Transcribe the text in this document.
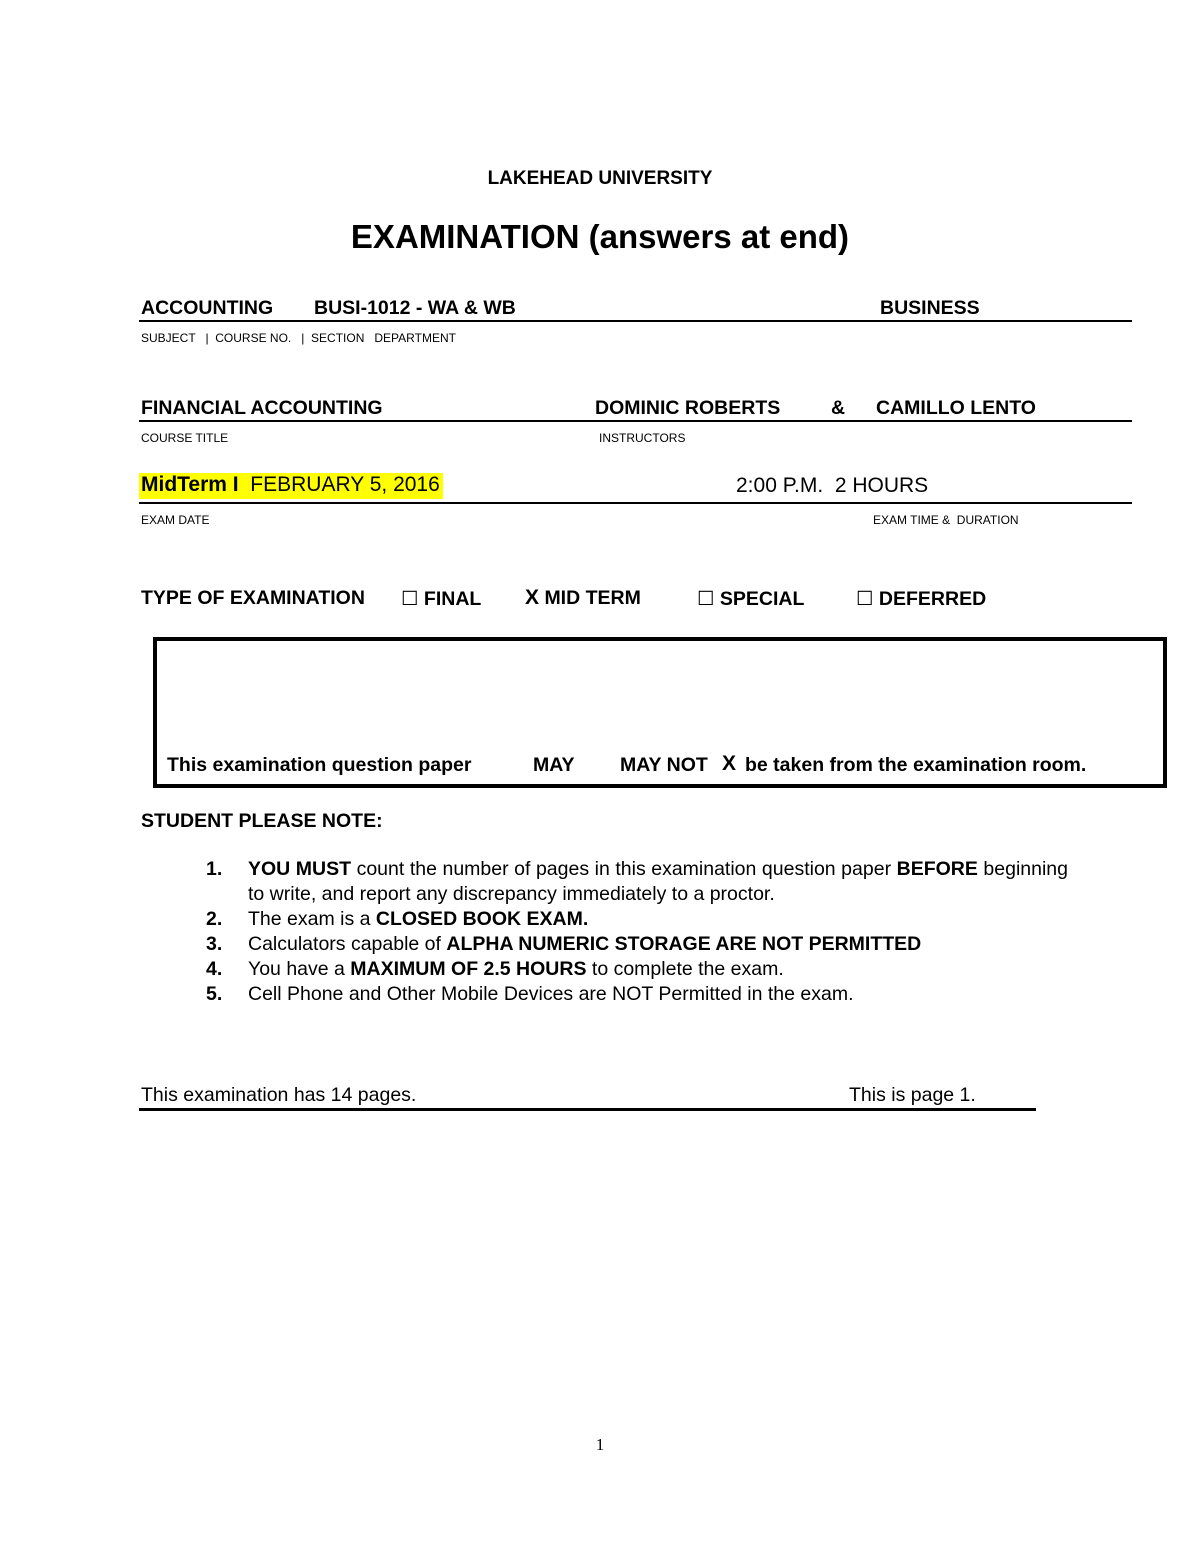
LAKEHEAD UNIVERSITY
EXAMINATION (answers at end)
ACCOUNTING BUSI-1012 - WA & WB	BUSINESS
SUBJECT   |  COURSE NO.   |  SECTION   DEPARTMENT
FINANCIAL ACCOUNTING	DOMINIC ROBERTS	& CAMILLO LENTO
COURSE TITLE	INSTRUCTORS
MidTerm I FEBRUARY 5, 2016	2:00 P.M.  2 HOURS
EXAM DATE	EXAM TIME &  DURATION
TYPE OF EXAMINATION ☐ FINAL X MID TERM	☐ SPECIAL	☐ DEFERRED
This examination question paper	MAY MAY NOT X be taken from the examination room.
STUDENT PLEASE NOTE:
1.	YOU MUST count the number of pages in this examination question paper BEFORE beginning to write, and report any discrepancy immediately to a proctor.
2.	The exam is a CLOSED BOOK EXAM.
3.	Calculators capable of ALPHA NUMERIC STORAGE ARE NOT PERMITTED
4.	You have a MAXIMUM OF 2.5 HOURS to complete the exam.
5.	Cell Phone and Other Mobile Devices are NOT Permitted in the exam.
This examination has 14 pages.	This is page 1.
1
